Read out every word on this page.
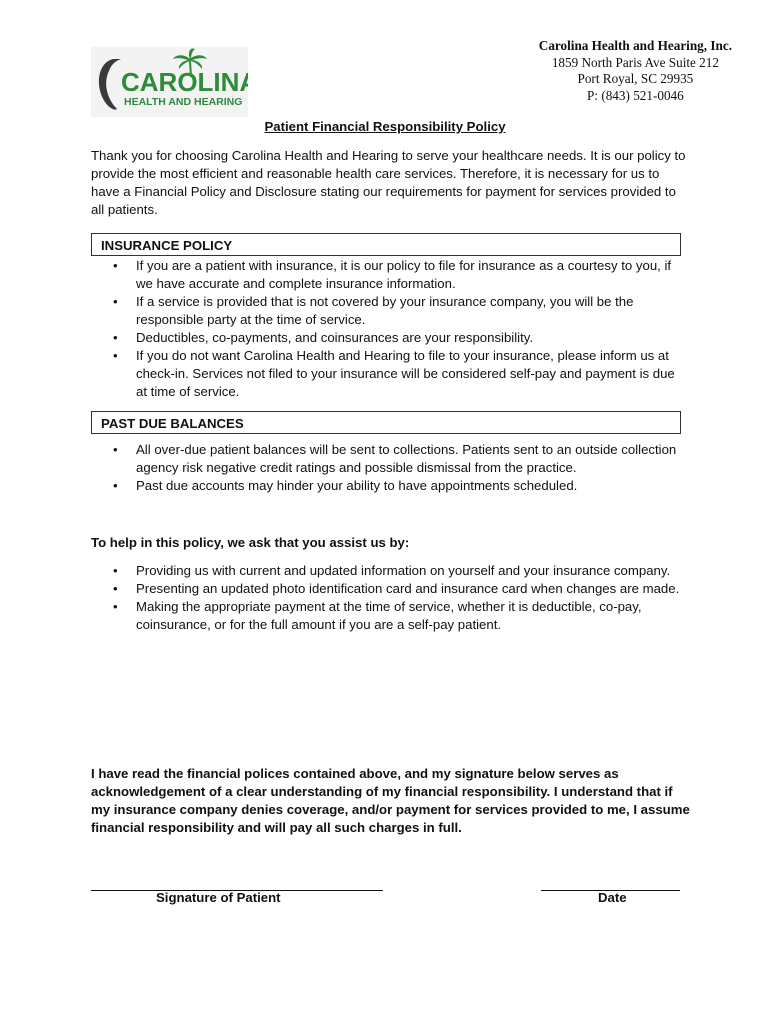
CAROLINA
HEALTH AND HEARING
Carolina Health and Hearing, Inc.
1859 North Paris Ave Suite 212
Port Royal, SC 29935
P: (843) 521-0046
Patient Financial Responsibility Policy
Thank you for choosing Carolina Health and Hearing to serve your healthcare needs. It is our policy to provide the most efficient and reasonable health care services. Therefore, it is necessary for us to have a Financial Policy and Disclosure stating our requirements for payment for services provided to all patients.
INSURANCE POLICY
• If you are a patient with insurance, it is our policy to file for insurance as a courtesy to you, if we have accurate and complete insurance information.
• If a service is provided that is not covered by your insurance company, you will be the responsible party at the time of service.
• Deductibles, co-payments, and coinsurances are your responsibility.
• If you do not want Carolina Health and Hearing to file to your insurance, please inform us at check-in. Services not filed to your insurance will be considered self-pay and payment is due at time of service.
PAST DUE BALANCES
• All over-due patient balances will be sent to collections. Patients sent to an outside collection agency risk negative credit ratings and possible dismissal from the practice.
• Past due accounts may hinder your ability to have appointments scheduled.
To help in this policy, we ask that you assist us by:
• Providing us with current and updated information on yourself and your insurance company.
• Presenting an updated photo identification card and insurance card when changes are made.
• Making the appropriate payment at the time of service, whether it is deductible, co-pay, coinsurance, or for the full amount if you are a self-pay patient.
I have read the financial polices contained above, and my signature below serves as acknowledgement of a clear understanding of my financial responsibility. I understand that if my insurance company denies coverage, and/or payment for services provided to me, I assume financial responsibility and will pay all such charges in full.
Signature of Patient	Date
